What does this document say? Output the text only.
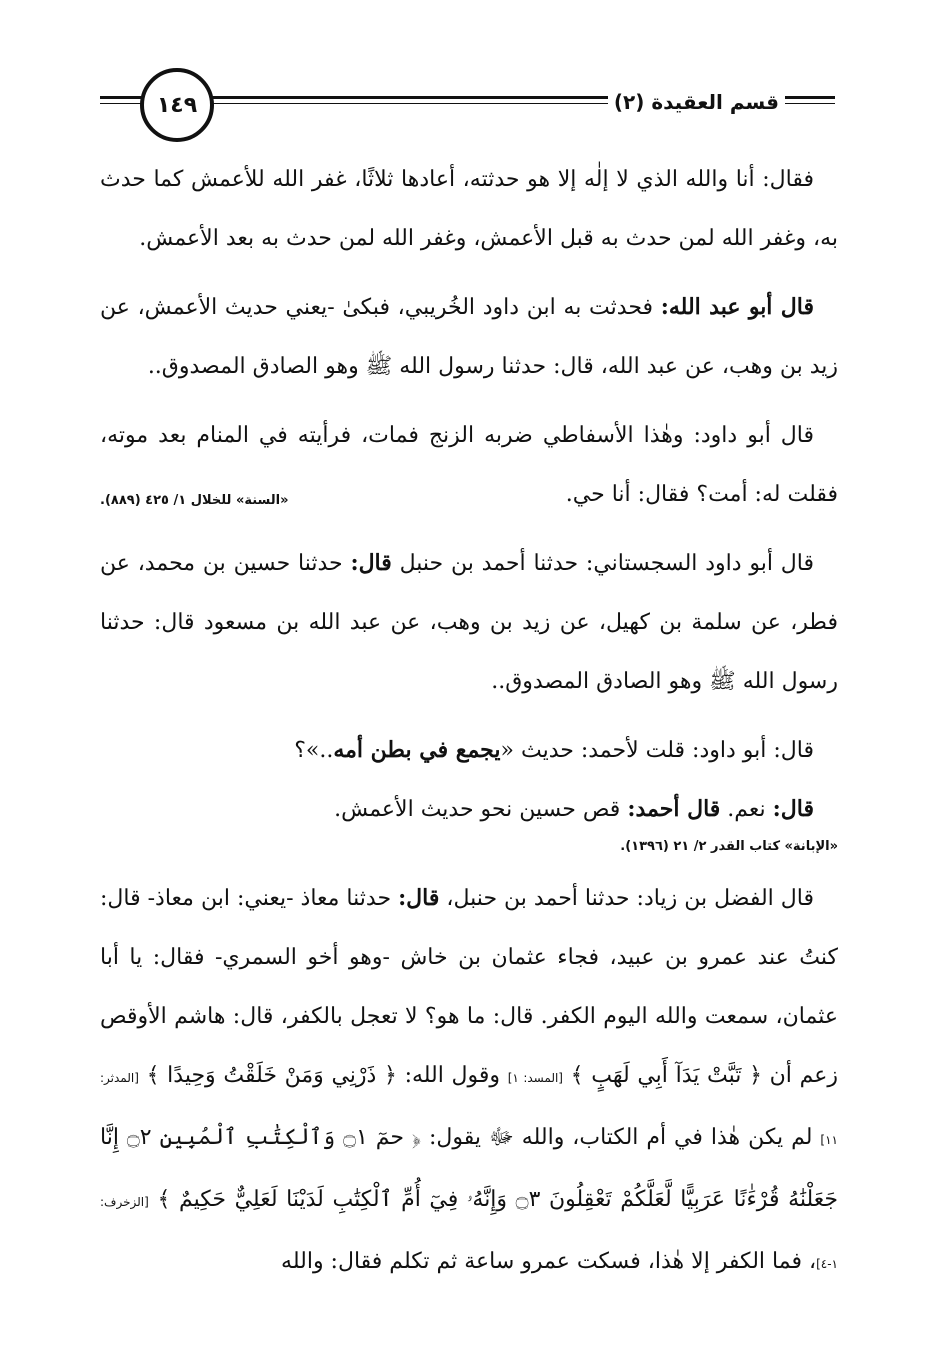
١٤٩	قسم العقيدة (٢)

فقال: أنا والله الذي لا إلٰه إلا هو حدثته، أعادها ثلاثًا، غفر الله للأعمش كما حدث به، وغفر الله لمن حدث به قبل الأعمش، وغفر الله لمن حدث به بعد الأعمش.

قال أبو عبد الله: فحدثت به ابن داود الخُريبي، فبكىٰ -يعني حديث الأعمش، عن زيد بن وهب، عن عبد الله، قال: حدثنا رسول الله ﷺ وهو الصادق المصدوق..

قال أبو داود: وهٰذا الأسفاطي ضربه الزنج فمات، فرأيته في المنام بعد موته، فقلت له: أمت؟ فقال: أنا حي.
«السنة» للخلال ١/ ٤٢٥ (٨٨٩).

قال أبو داود السجستاني: حدثنا أحمد بن حنبل قال: حدثنا حسين بن محمد، عن فطر، عن سلمة بن كهيل، عن زيد بن وهب، عن عبد الله بن مسعود قال: حدثنا رسول الله ﷺ وهو الصادق المصدوق..

قال: أبو داود: قلت لأحمد: حديث «يجمع في بطن أمه..»؟

قال: نعم. قال أحمد: قص حسين نحو حديث الأعمش.

«الإبانة» كتاب القدر ٢/ ٢١ (١٣٩٦).

قال الفضل بن زياد: حدثنا أحمد بن حنبل، قال: حدثنا معاذ -يعني: ابن معاذ- قال: كنتُ عند عمرو بن عبيد، فجاء عثمان بن خاش -وهو أخو السمري- فقال: يا أبا عثمان، سمعت والله اليوم الكفر. قال: ما هو؟ لا تعجل بالكفر، قال: هاشم الأوقص زعم أن ﴿ تَبَّتْ يَدَآ أَبِي لَهَبٍ ﴾ [المسد: ١] وقول الله: ﴿ ذَرْنِي وَمَنْ خَلَقْتُ وَحِيدًا ﴾ [المدثر: ١١] لم يكن هٰذا في أم الكتاب، والله ﷻ يقول: ﴿ حمٓ ۝١ وَٱلْكِتَٰبِ ٱلْمُبِينِ ۝٢ إِنَّا جَعَلْنَٰهُ قُرْءَٰنًا عَرَبِيًّا لَّعَلَّكُمْ تَعْقِلُونَ ۝٣ وَإِنَّهُۥ فِيٓ أُمِّ ٱلْكِتَٰبِ لَدَيْنَا لَعَلِيٌّ حَكِيمٌ ﴾ [الزخرف: ١-٤]، فما الكفر إلا هٰذا، فسكت عمرو ساعة ثم تكلم فقال: والله
